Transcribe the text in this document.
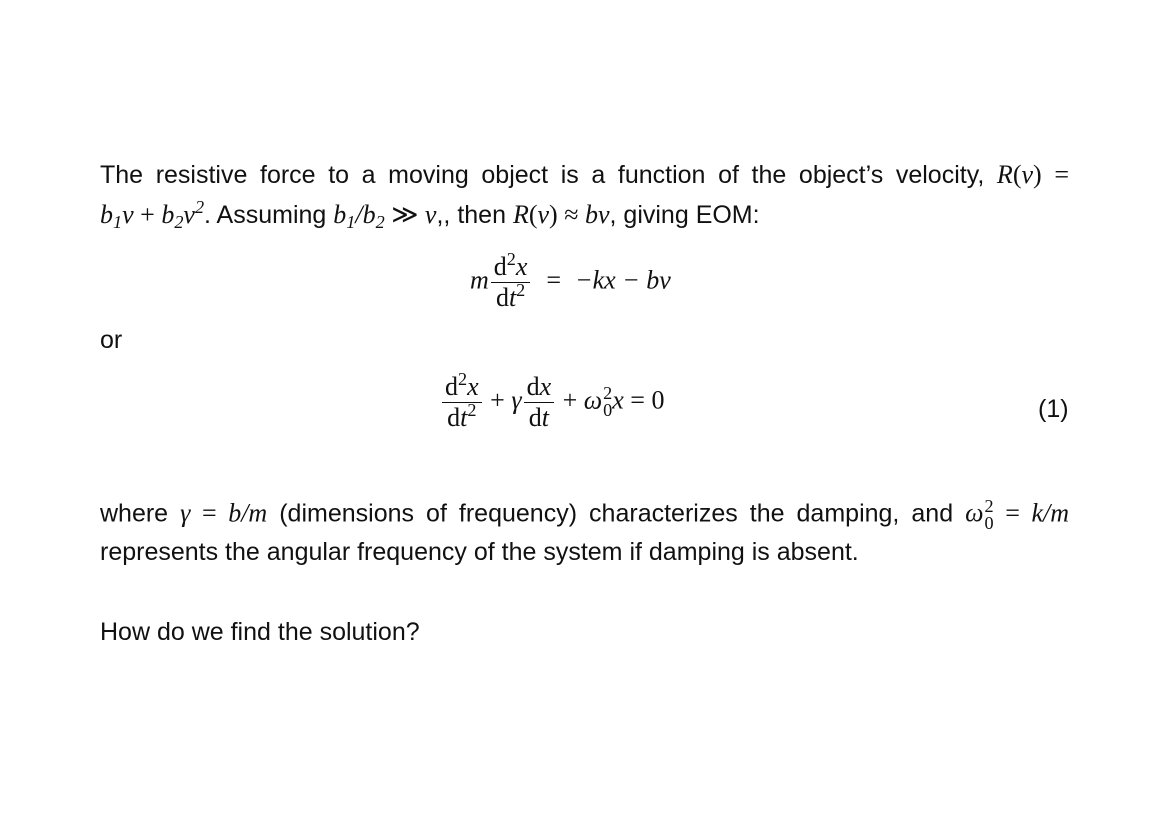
The resistive force to a moving object is a function of the object’s velocity, R(v) =
$b_1v + b_2v^2$. Assuming $b_1/b_2$ ≫ v,, then R(v) ≈ bv, giving EOM:
m $\frac{d^2x}{dt^2} = -kx$ − bv
or
$\frac{d^2x}{dt^2} + \gamma \frac{dx}{dt} + \omega$ 2
0 x = 0	(1)
where γ = b/m (dimensions of frequency) characterizes the damping, and ω 2
0 = k/m
represents the angular frequency of the system if damping is absent.
How do we find the solution?
